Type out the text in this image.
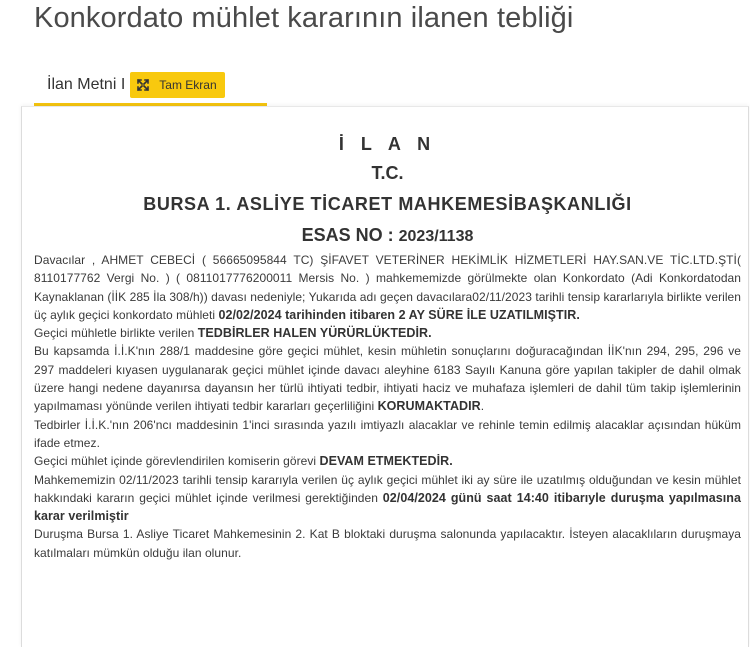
Konkordato mühlet kararının ilanen tebliği
İlan Metni I	Tam Ekran
İ L A N
T.C.
BURSA 1. ASLİYE TİCARET MAHKEMESİBAŞKANLIĞI
ESAS NO : 2023/1138

Davacılar , AHMET CEBECİ ( 56665095844 TC) ŞİFAVET VETERİNER HEKİMLİK HİZMETLERİ HAY.SAN.VE TİC.LTD.ŞTİ( 8110177762 Vergi No. ) ( 0811017776200011 Mersis No. ) mahkememizde görülmekte olan Konkordato (Adi Konkordatodan Kaynaklanan (İİK 285 İla 308/h)) davası nedeniyle; Yukarıda adı geçen davacılara02/11/2023 tarihli tensip kararlarıyla birlikte verilen üç aylık geçici konkordato mühleti 02/02/2024 tarihinden itibaren 2 AY SÜRE İLE UZATILMIŞTIR.

Geçici mühletle birlikte verilen TEDBİRLER HALEN YÜRÜRLÜKTEDİR.

Bu kapsamda İ.İ.K'nın 288/1 maddesine göre geçici mühlet, kesin mühletin sonuçlarını doğuracağından İİK'nın 294, 295, 296 ve 297 maddeleri kıyasen uygulanarak geçici mühlet içinde davacı aleyhine 6183 Sayılı Kanuna göre yapılan takipler de dahil olmak üzere hangi nedene dayanırsa dayansın her türlü ihtiyati tedbir, ihtiyati haciz ve muhafaza işlemleri de dahil tüm takip işlemlerinin yapılmaması yönünde verilen ihtiyati tedbir kararları geçerliliğini KORUMAKTADIR.

Tedbirler İ.İ.K.'nın 206'ncı maddesinin 1'inci sırasında yazılı imtiyazlı alacaklar ve rehinle temin edilmiş alacaklar açısından hüküm ifade etmez.

Geçici mühlet içinde görevlendirilen komiserin görevi DEVAM ETMEKTEDİR.

Mahkememizin 02/11/2023 tarihli tensip kararıyla verilen üç aylık geçici mühlet iki ay süre ile uzatılmış olduğundan ve kesin mühlet hakkındaki kararın geçici mühlet içinde verilmesi gerektiğinden 02/04/2024 günü saat 14:40 itibarıyle duruşma yapılmasına karar verilmiştir

Duruşma Bursa 1. Asliye Ticaret Mahkemesinin 2. Kat B bloktaki duruşma salonunda yapılacaktır. İsteyen alacaklıların duruşmaya katılmaları mümkün olduğu ilan olunur.
